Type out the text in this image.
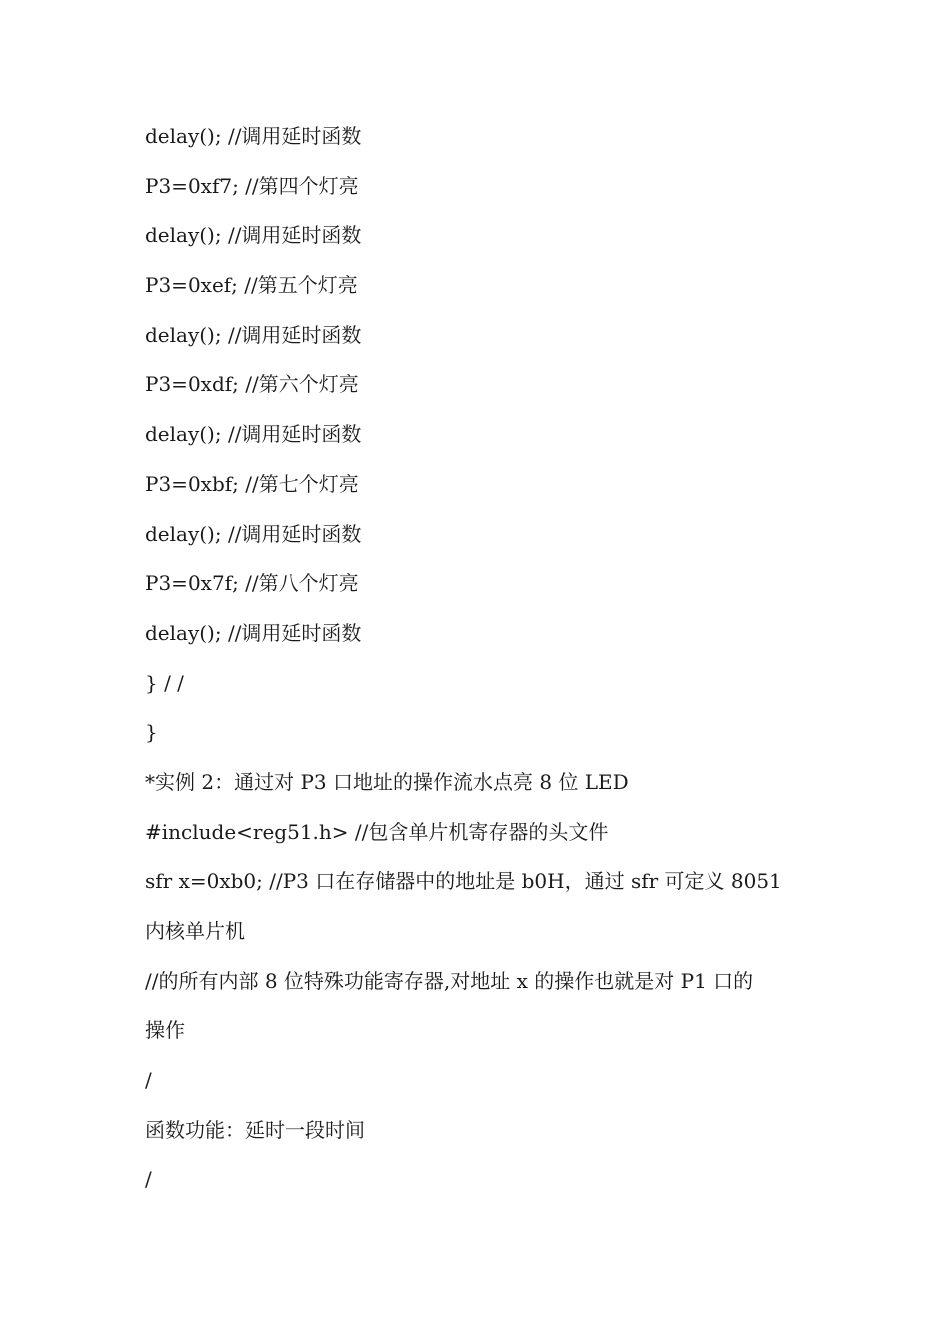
delay(); //调用延时函数
P3=0xf7; //第四个灯亮
delay(); //调用延时函数
P3=0xef; //第五个灯亮
delay(); //调用延时函数
P3=0xdf; //第六个灯亮
delay(); //调用延时函数
P3=0xbf; //第七个灯亮
delay(); //调用延时函数
P3=0x7f; //第八个灯亮
delay(); //调用延时函数
} / /
}
*实例 2：通过对 P3 口地址的操作流水点亮 8 位 LED
#include<reg51.h> //包含单片机寄存器的头文件
sfr x=0xb0; //P3 口在存储器中的地址是 b0H，通过 sfr 可定义 8051
内核单片机
//的所有内部 8 位特殊功能寄存器,对地址 x 的操作也就是对 P1 口的
操作
/
函数功能：延时一段时间
/
